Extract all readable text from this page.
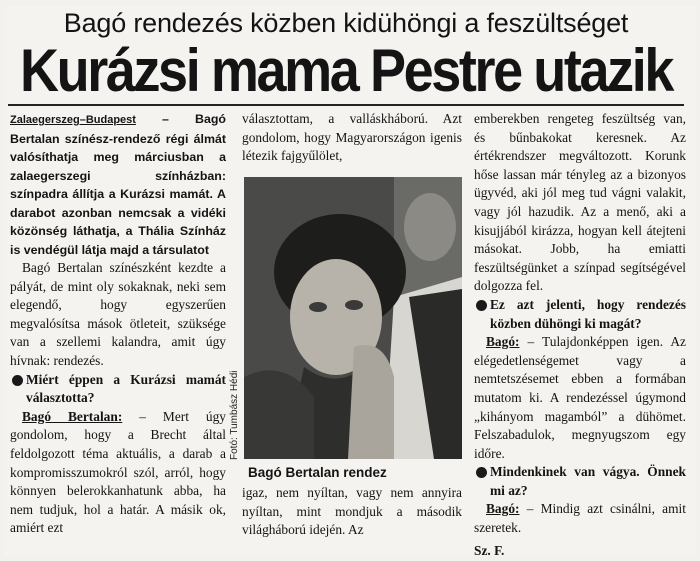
Bagó rendezés közben kidühöngi a feszültséget
Kurázsi mama Pestre utazik

Zalaegerszeg–Budapest – Bagó Bertalan színész-rendező régi álmát valósíthatja meg márciusban a zalaegerszegi színházban: színpadra állítja a Kurázsi mamát. A darabot azonban nemcsak a vidéki közönség láthatja, a Thália Színház is vendégül látja majd a társulatot

Bagó Bertalan színészként kezdte a pályát, de mint oly sokaknak, neki sem elegendő, hogy egyszerűen megvalósítsa mások ötleteit, szüksége van a szellemi kalandra, amit úgy hívnak: rendezés.

Miért éppen a Kurázsi mamát választotta?

Bagó Bertalan: – Mert úgy gondolom, hogy a Brecht által feldolgozott téma aktuális, a darab a kompromisszumokról szól, arról, hogy könnyen belerokkanhatunk abba, ha nem tudjuk, hol a határ. A másik ok, amiért ezt

választottam, a valláskháború. Azt gondolom, hogy Magyarországon igenis létezik fajgyűlölet,

Fotó: Tumbász Hédi
Bagó Bertalan rendez

igaz, nem nyíltan, vagy nem annyira nyíltan, mint mondjuk a második világháború idején. Az

emberekben rengeteg feszültség van, és bűnbakokat keresnek. Az értékrendszer megváltozott. Korunk hőse lassan már tényleg az a bizonyos ügyvéd, aki jól meg tud vágni valakit, vagy jól hazudik. Az a menő, aki a kisujjából kirázza, hogyan kell átejteni másokat. Jobb, ha emiatti feszültségünket a színpad segítségével dolgozza fel.

Ez azt jelenti, hogy rendezés közben dühöngi ki magát?

Bagó: – Tulajdonképpen igen. Az elégedetlenségemet vagy a nemtetszésemet ebben a formában mutatom ki. A rendezéssel úgymond „kihányom magamból” a dühömet. Felszabadulok, megnyugszom egy időre.

Mindenkinek van vágya. Önnek mi az?

Bagó: – Mindig azt csinálni, amit szeretek.

Sz. F.
